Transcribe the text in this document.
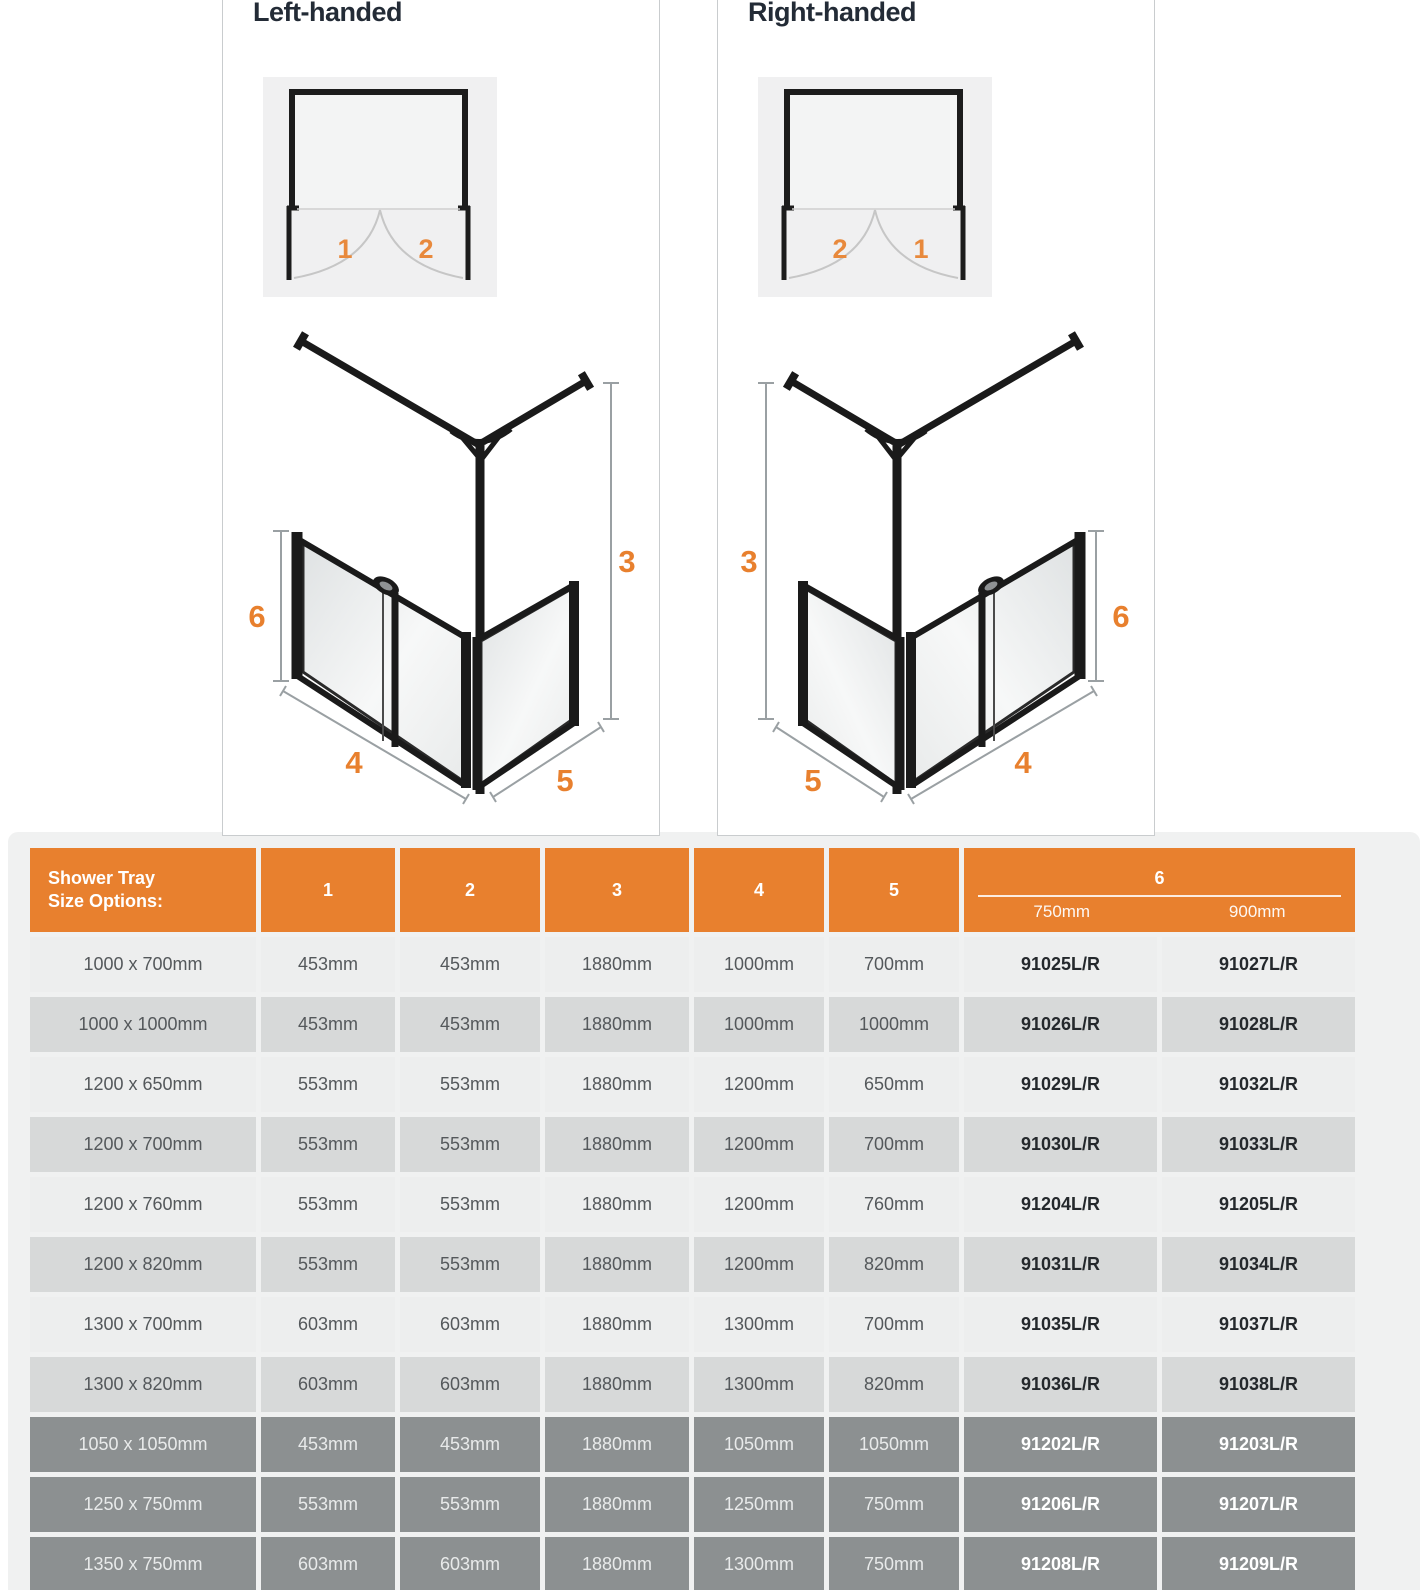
Left-handed
1 2
3
6
4
5
Right-handed
2 1
3
6
5
4
Shower Tray
Size Options:	1	2	3	4	5	
6
750mm	900mm

1000 x 700mm	453mm	453mm	1880mm	1000mm	700mm	91025L/R	91027L/R
1000 x 1000mm	453mm	453mm	1880mm	1000mm	1000mm	91026L/R	91028L/R
1200 x 650mm	553mm	553mm	1880mm	1200mm	650mm	91029L/R	91032L/R
1200 x 700mm	553mm	553mm	1880mm	1200mm	700mm	91030L/R	91033L/R
1200 x 760mm	553mm	553mm	1880mm	1200mm	760mm	91204L/R	91205L/R
1200 x 820mm	553mm	553mm	1880mm	1200mm	820mm	91031L/R	91034L/R
1300 x 700mm	603mm	603mm	1880mm	1300mm	700mm	91035L/R	91037L/R
1300 x 820mm	603mm	603mm	1880mm	1300mm	820mm	91036L/R	91038L/R
1050 x 1050mm	453mm	453mm	1880mm	1050mm	1050mm	91202L/R	91203L/R
1250 x 750mm	553mm	553mm	1880mm	1250mm	750mm	91206L/R	91207L/R
1350 x 750mm	603mm	603mm	1880mm	1300mm	750mm	91208L/R	91209L/R
